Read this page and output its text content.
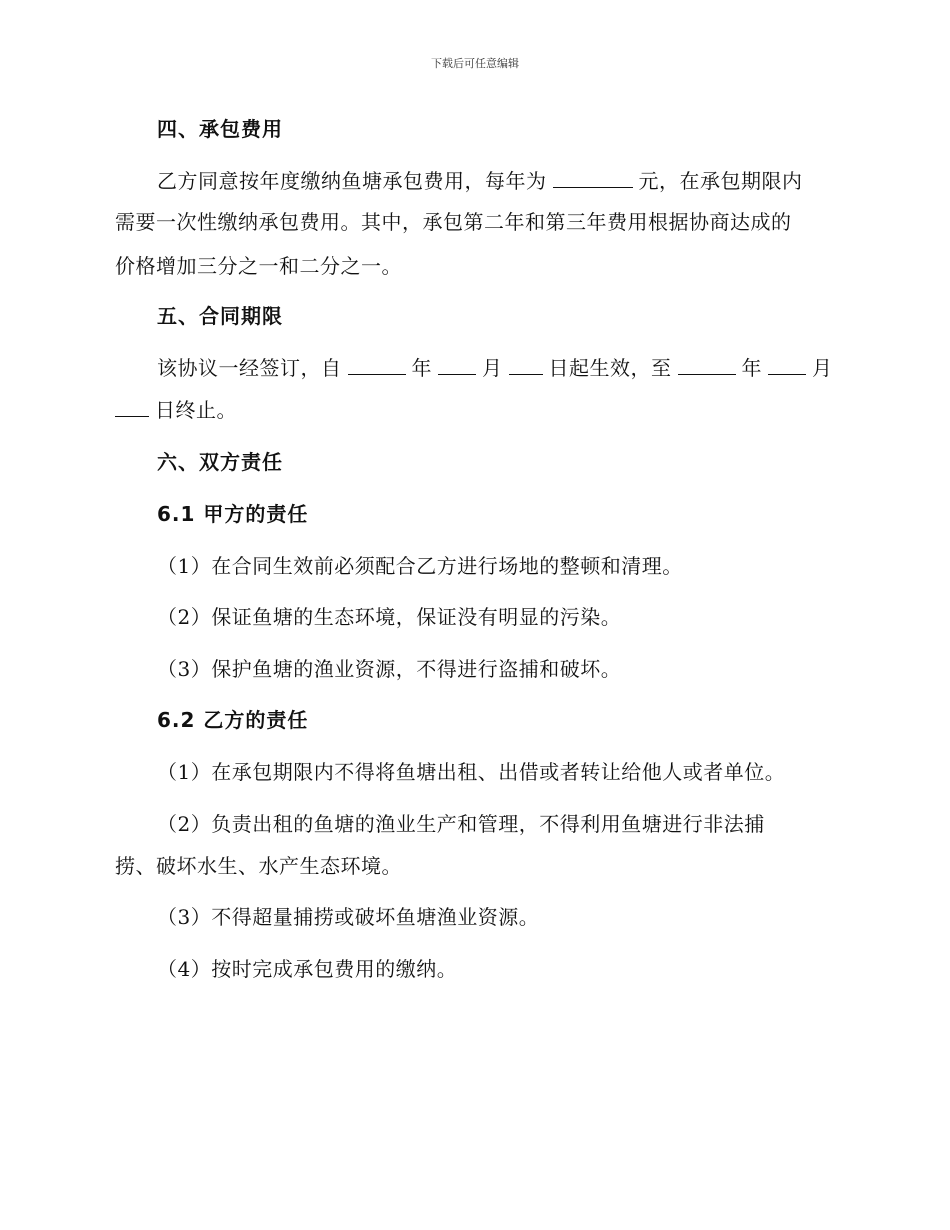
下载后可任意编辑
四、承包费用
乙方同意按年度缴纳鱼塘承包费用，每年为	元，在承包期限内
需要一次性缴纳承包费用。其中，承包第二年和第三年费用根据协商达成的
价格增加三分之一和二分之一。
五、合同期限
该协议一经签订，自	年	月 日起生效，至	年	月
日终止。
六、双方责任
6.1 甲方的责任
（1）在合同生效前必须配合乙方进行场地的整顿和清理。
（2）保证鱼塘的生态环境，保证没有明显的污染。
（3）保护鱼塘的渔业资源，不得进行盗捕和破坏。
6.2 乙方的责任
（1）在承包期限内不得将鱼塘出租、出借或者转让给他人或者单位。
（2）负责出租的鱼塘的渔业生产和管理，不得利用鱼塘进行非法捕
捞、破坏水生、水产生态环境。
（3）不得超量捕捞或破坏鱼塘渔业资源。
（4）按时完成承包费用的缴纳。
